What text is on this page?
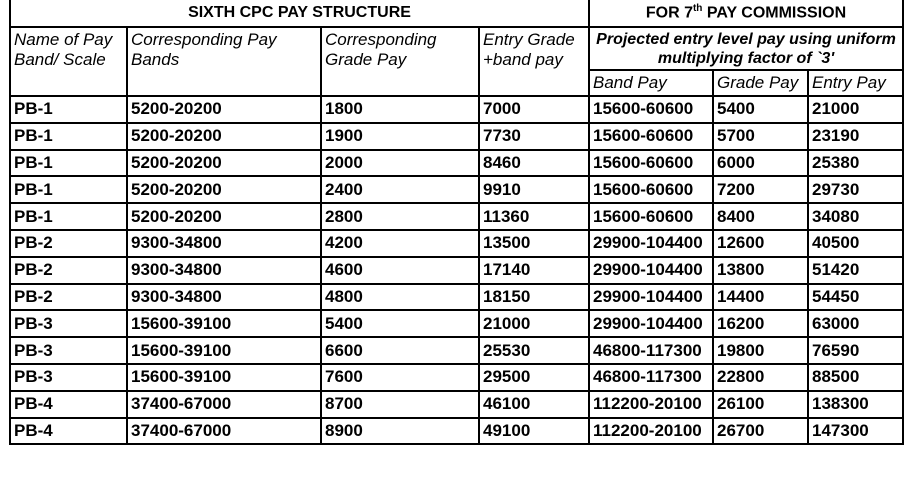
SIXTH CPC PAY STRUCTURE				FOR 7th PAY COMMISSION		
Name of Pay Band/ Scale	Corresponding Pay Bands	Corresponding Grade Pay	Entry Grade +band pay	Projected entry level pay using uniform multiplying factor of `3'		
				Band Pay	Grade Pay	Entry Pay
PB-1	5200-20200	1800	7000	15600-60600	5400	21000
PB-1	5200-20200	1900	7730	15600-60600	5700	23190
PB-1	5200-20200	2000	8460	15600-60600	6000	25380
PB-1	5200-20200	2400	9910	15600-60600	7200	29730
PB-1	5200-20200	2800	11360	15600-60600	8400	34080
PB-2	9300-34800	4200	13500	29900-104400	12600	40500
PB-2	9300-34800	4600	17140	29900-104400	13800	51420
PB-2	9300-34800	4800	18150	29900-104400	14400	54450
PB-3	15600-39100	5400	21000	29900-104400	16200	63000
PB-3	15600-39100	6600	25530	46800-117300	19800	76590
PB-3	15600-39100	7600	29500	46800-117300	22800	88500
PB-4	37400-67000	8700	46100	112200-20100	26100	138300
PB-4	37400-67000	8900	49100	112200-20100	26700	147300
